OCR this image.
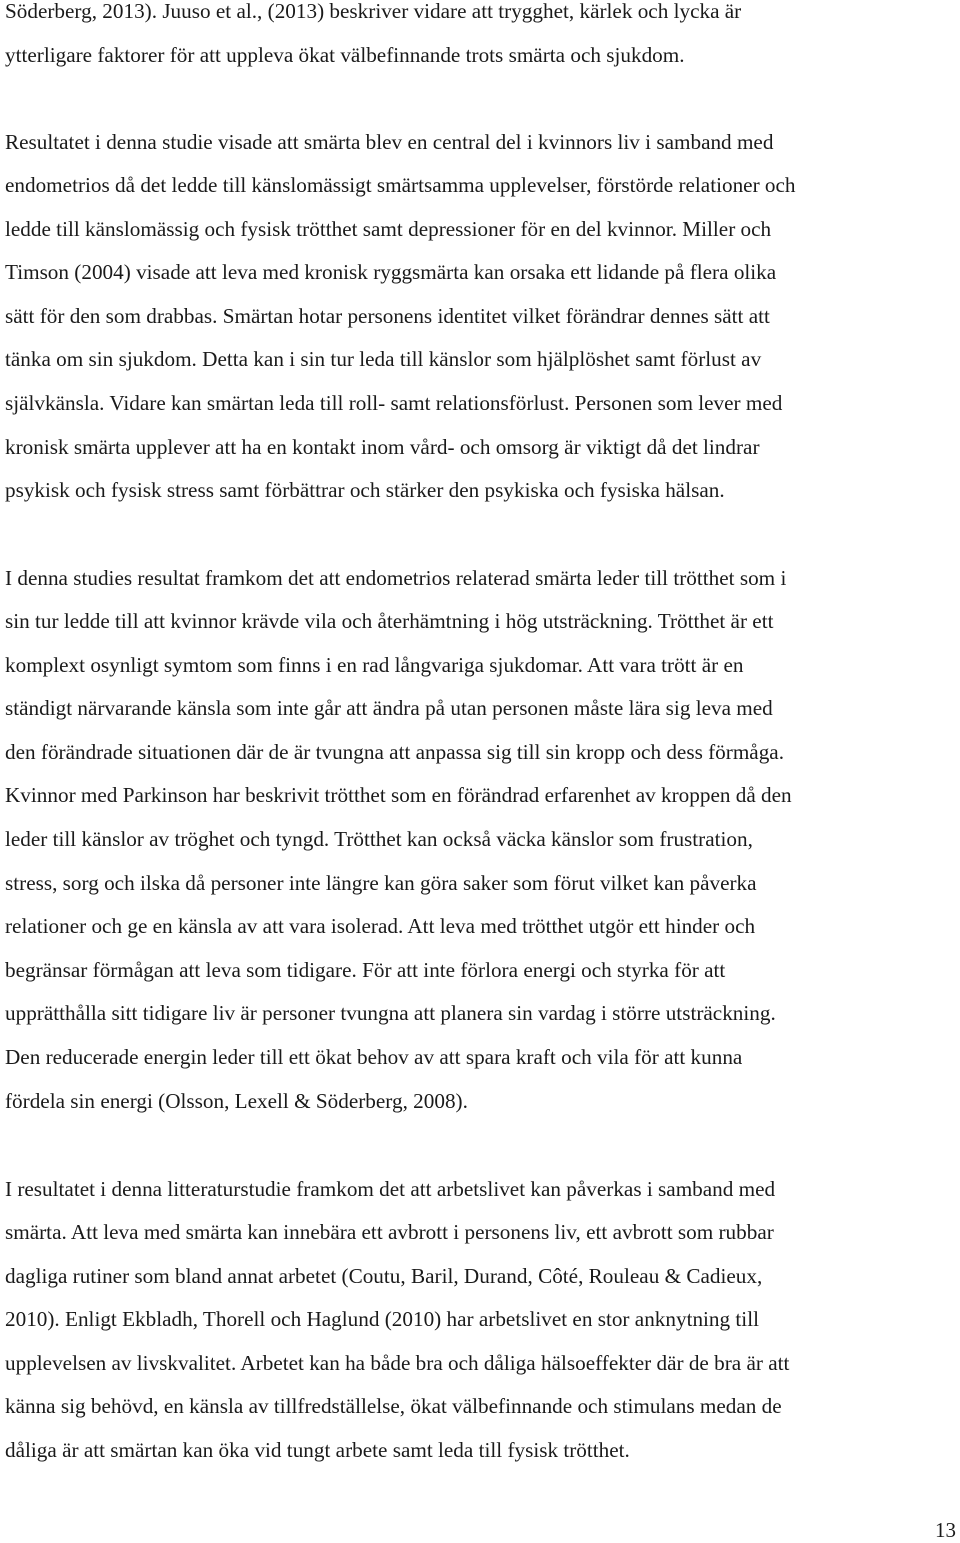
Söderberg, 2013). Juuso et al., (2013) beskriver vidare att trygghet, kärlek och lycka är
ytterligare faktorer för att uppleva ökat välbefinnande trots smärta och sjukdom.

Resultatet i denna studie visade att smärta blev en central del i kvinnors liv i samband med
endometrios då det ledde till känslomässigt smärtsamma upplevelser, förstörde relationer och
ledde till känslomässig och fysisk trötthet samt depressioner för en del kvinnor. Miller och
Timson (2004) visade att leva med kronisk ryggsmärta kan orsaka ett lidande på flera olika
sätt för den som drabbas. Smärtan hotar personens identitet vilket förändrar dennes sätt att
tänka om sin sjukdom. Detta kan i sin tur leda till känslor som hjälplöshet samt förlust av
självkänsla. Vidare kan smärtan leda till roll- samt relationsförlust. Personen som lever med
kronisk smärta upplever att ha en kontakt inom vård- och omsorg är viktigt då det lindrar
psykisk och fysisk stress samt förbättrar och stärker den psykiska och fysiska hälsan.

I denna studies resultat framkom det att endometrios relaterad smärta leder till trötthet som i
sin tur ledde till att kvinnor krävde vila och återhämtning i hög utsträckning. Trötthet är ett
komplext osynligt symtom som finns i en rad långvariga sjukdomar. Att vara trött är en
ständigt närvarande känsla som inte går att ändra på utan personen måste lära sig leva med
den förändrade situationen där de är tvungna att anpassa sig till sin kropp och dess förmåga.
Kvinnor med Parkinson har beskrivit trötthet som en förändrad erfarenhet av kroppen då den
leder till känslor av tröghet och tyngd. Trötthet kan också väcka känslor som frustration,
stress, sorg och ilska då personer inte längre kan göra saker som förut vilket kan påverka
relationer och ge en känsla av att vara isolerad. Att leva med trötthet utgör ett hinder och
begränsar förmågan att leva som tidigare. För att inte förlora energi och styrka för att
upprätthålla sitt tidigare liv är personer tvungna att planera sin vardag i större utsträckning.
Den reducerade energin leder till ett ökat behov av att spara kraft och vila för att kunna
fördela sin energi (Olsson, Lexell & Söderberg, 2008).

I resultatet i denna litteraturstudie framkom det att arbetslivet kan påverkas i samband med
smärta. Att leva med smärta kan innebära ett avbrott i personens liv, ett avbrott som rubbar
dagliga rutiner som bland annat arbetet (Coutu, Baril, Durand, Côté, Rouleau & Cadieux,
2010). Enligt Ekbladh, Thorell och Haglund (2010) har arbetslivet en stor anknytning till
upplevelsen av livskvalitet. Arbetet kan ha både bra och dåliga hälsoeffekter där de bra är att
känna sig behövd, en känsla av tillfredställelse, ökat välbefinnande och stimulans medan de
dåliga är att smärtan kan öka vid tungt arbete samt leda till fysisk trötthet.

13
